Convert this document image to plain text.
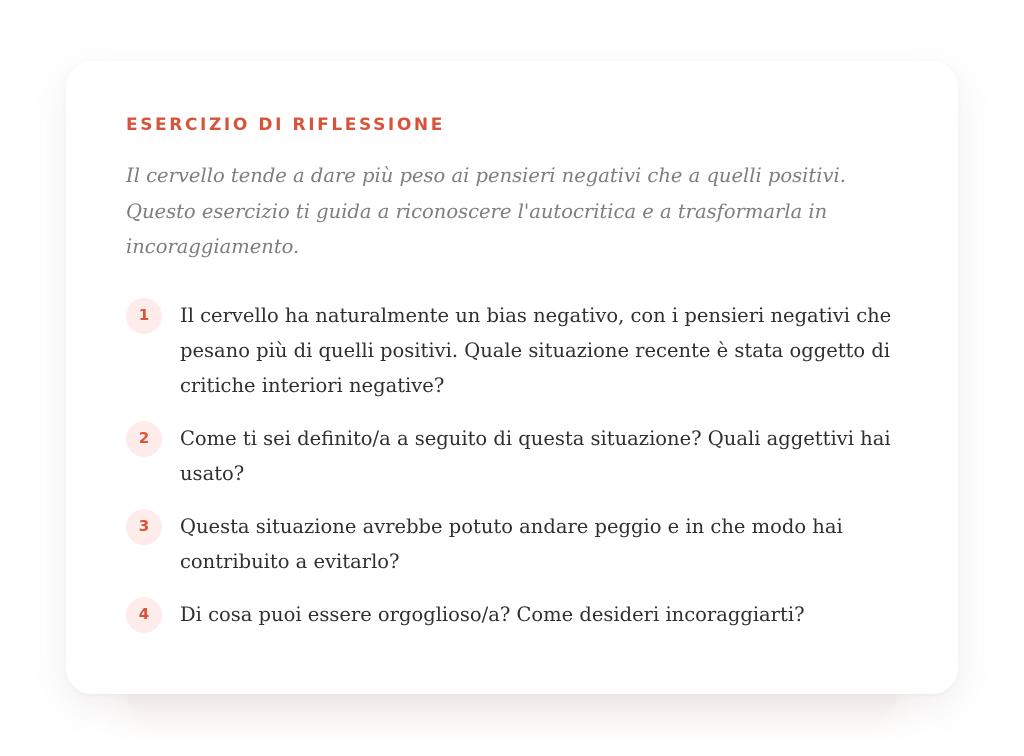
ESERCIZIO DI RIFLESSIONE

Il cervello tende a dare più peso ai pensieri negativi che a quelli positivi. Questo esercizio ti guida a riconoscere l'autocritica e a trasformarla in incoraggiamento.

1	Il cervello ha naturalmente un bias negativo, con i pensieri negativi che pesano più di quelli positivi. Quale situazione recente è stata oggetto di critiche interiori negative?

2	Come ti sei definito/a a seguito di questa situazione? Quali aggettivi hai usato?

3	Questa situazione avrebbe potuto andare peggio e in che modo hai contribuito a evitarlo?

4	Di cosa puoi essere orgoglioso/a? Come desideri incoraggiarti?
